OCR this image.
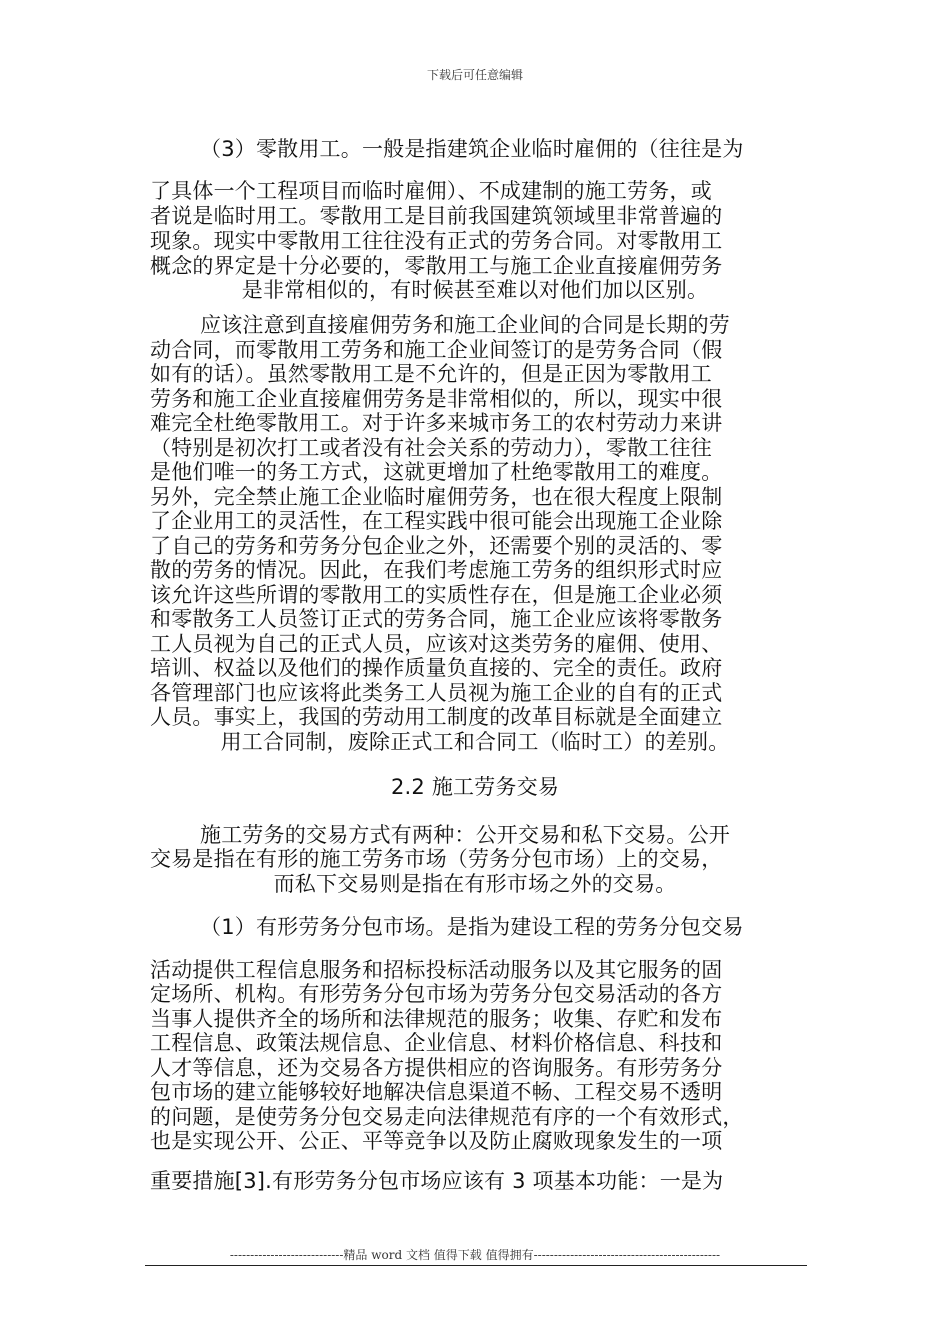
下载后可任意编辑
（3）零散用工。一般是指建筑企业临时雇佣的（往往是为
了具体一个工程项目而临时雇佣）、不成建制的施工劳务，或
者说是临时用工。零散用工是目前我国建筑领域里非常普遍的
现象。现实中零散用工往往没有正式的劳务合同。对零散用工
概念的界定是十分必要的，零散用工与施工企业直接雇佣劳务
是非常相似的，有时候甚至难以对他们加以区别。
应该注意到直接雇佣劳务和施工企业间的合同是长期的劳
动合同，而零散用工劳务和施工企业间签订的是劳务合同（假
如有的话）。虽然零散用工是不允许的，但是正因为零散用工
劳务和施工企业直接雇佣劳务是非常相似的，所以，现实中很
难完全杜绝零散用工。对于许多来城市务工的农村劳动力来讲
（特别是初次打工或者没有社会关系的劳动力），零散工往往
是他们唯一的务工方式，这就更增加了杜绝零散用工的难度。
另外，完全禁止施工企业临时雇佣劳务，也在很大程度上限制
了企业用工的灵活性，在工程实践中很可能会出现施工企业除
了自己的劳务和劳务分包企业之外，还需要个别的灵活的、零
散的劳务的情况。因此，在我们考虑施工劳务的组织形式时应
该允许这些所谓的零散用工的实质性存在，但是施工企业必须
和零散务工人员签订正式的劳务合同，施工企业应该将零散务
工人员视为自己的正式人员，应该对这类劳务的雇佣、使用、
培训、权益以及他们的操作质量负直接的、完全的责任。政府
各管理部门也应该将此类务工人员视为施工企业的自有的正式
人员。事实上，我国的劳动用工制度的改革目标就是全面建立
用工合同制，废除正式工和合同工（临时工）的差别。
2.2 施工劳务交易
施工劳务的交易方式有两种：公开交易和私下交易。公开
交易是指在有形的施工劳务市场（劳务分包市场）上的交易，
而私下交易则是指在有形市场之外的交易。
（1）有形劳务分包市场。是指为建设工程的劳务分包交易
活动提供工程信息服务和招标投标活动服务以及其它服务的固
定场所、机构。有形劳务分包市场为劳务分包交易活动的各方
当事人提供齐全的场所和法律规范的服务；收集、存贮和发布
工程信息、政策法规信息、企业信息、材料价格信息、科技和
人才等信息，还为交易各方提供相应的咨询服务。有形劳务分
包市场的建立能够较好地解决信息渠道不畅、工程交易不透明
的问题，是使劳务分包交易走向法律规范有序的一个有效形式，
也是实现公开、公正、平等竞争以及防止腐败现象发生的一项
重要措施[3].有形劳务分包市场应该有 3 项基本功能：一是为
----------------------------精品 word 文档 值得下载 值得拥有----------------------------------------------
